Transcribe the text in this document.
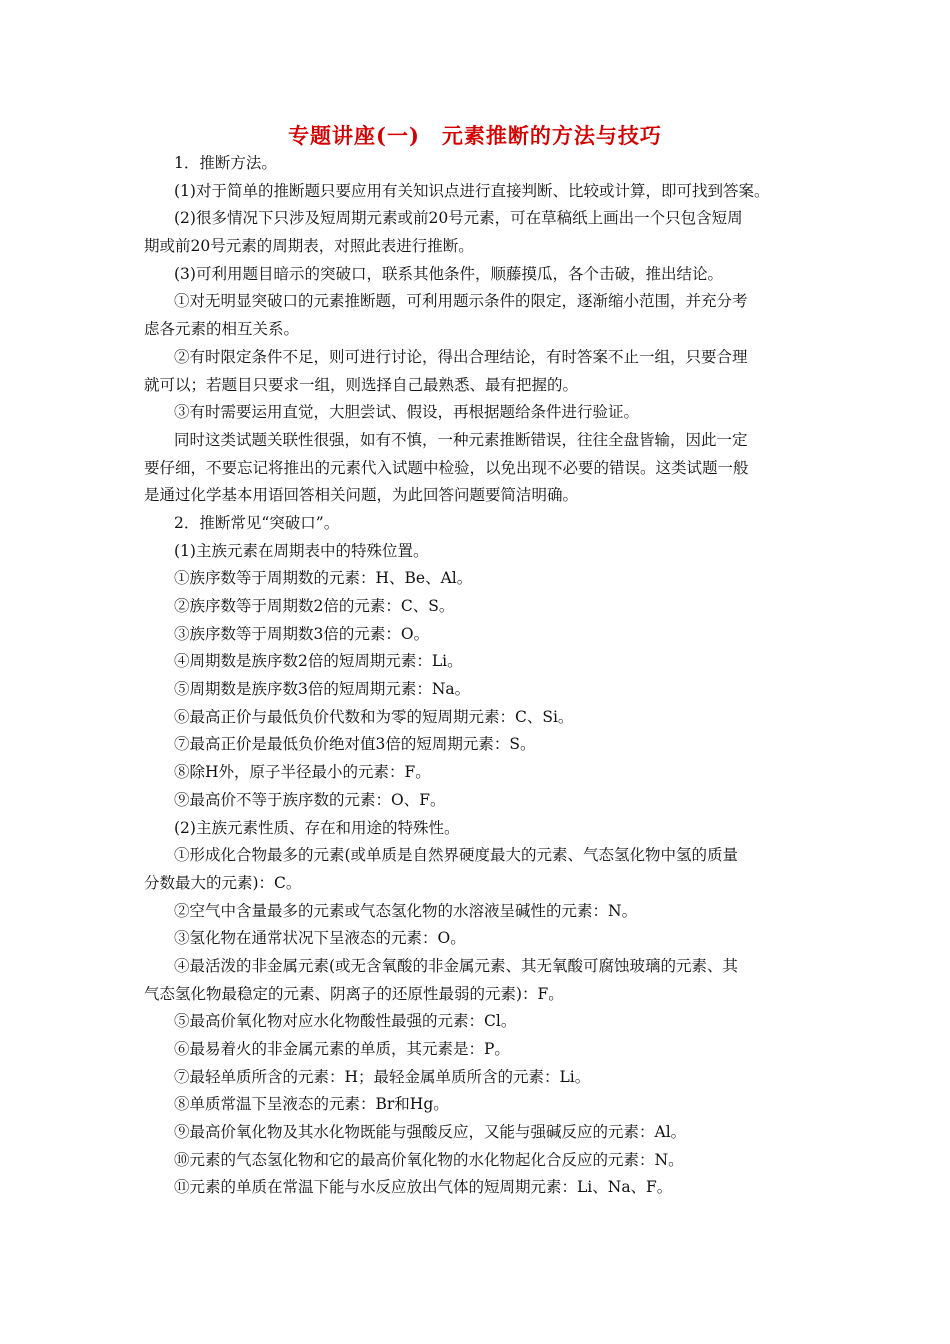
专题讲座(一)　元素推断的方法与技巧
1．推断方法。
(1)对于简单的推断题只要应用有关知识点进行直接判断、比较或计算，即可找到答案。
(2)很多情况下只涉及短周期元素或前20号元素，可在草稿纸上画出一个只包含短周
期或前20号元素的周期表，对照此表进行推断。
(3)可利用题目暗示的突破口，联系其他条件，顺藤摸瓜，各个击破，推出结论。
①对无明显突破口的元素推断题，可利用题示条件的限定，逐渐缩小范围，并充分考
虑各元素的相互关系。
②有时限定条件不足，则可进行讨论，得出合理结论，有时答案不止一组，只要合理
就可以；若题目只要求一组，则选择自己最熟悉、最有把握的。
③有时需要运用直觉，大胆尝试、假设，再根据题给条件进行验证。
同时这类试题关联性很强，如有不慎，一种元素推断错误，往往全盘皆输，因此一定
要仔细，不要忘记将推出的元素代入试题中检验，以免出现不必要的错误。这类试题一般
是通过化学基本用语回答相关问题，为此回答问题要简洁明确。
2．推断常见“突破口”。
(1)主族元素在周期表中的特殊位置。
①族序数等于周期数的元素：H、Be、Al。
②族序数等于周期数2倍的元素：C、S。
③族序数等于周期数3倍的元素：O。
④周期数是族序数2倍的短周期元素：Li。
⑤周期数是族序数3倍的短周期元素：Na。
⑥最高正价与最低负价代数和为零的短周期元素：C、Si。
⑦最高正价是最低负价绝对值3倍的短周期元素：S。
⑧除H外，原子半径最小的元素：F。
⑨最高价不等于族序数的元素：O、F。
(2)主族元素性质、存在和用途的特殊性。
①形成化合物最多的元素(或单质是自然界硬度最大的元素、气态氢化物中氢的质量
分数最大的元素)：C。
②空气中含量最多的元素或气态氢化物的水溶液呈碱性的元素：N。
③氢化物在通常状况下呈液态的元素：O。
④最活泼的非金属元素(或无含氧酸的非金属元素、其无氧酸可腐蚀玻璃的元素、其
气态氢化物最稳定的元素、阴离子的还原性最弱的元素)：F。
⑤最高价氧化物对应水化物酸性最强的元素：Cl。
⑥最易着火的非金属元素的单质，其元素是：P。
⑦最轻单质所含的元素：H；最轻金属单质所含的元素：Li。
⑧单质常温下呈液态的元素：Br和Hg。
⑨最高价氧化物及其水化物既能与强酸反应，又能与强碱反应的元素：Al。
⑩元素的气态氢化物和它的最高价氧化物的水化物起化合反应的元素：N。
⑪元素的单质在常温下能与水反应放出气体的短周期元素：Li、Na、F。
